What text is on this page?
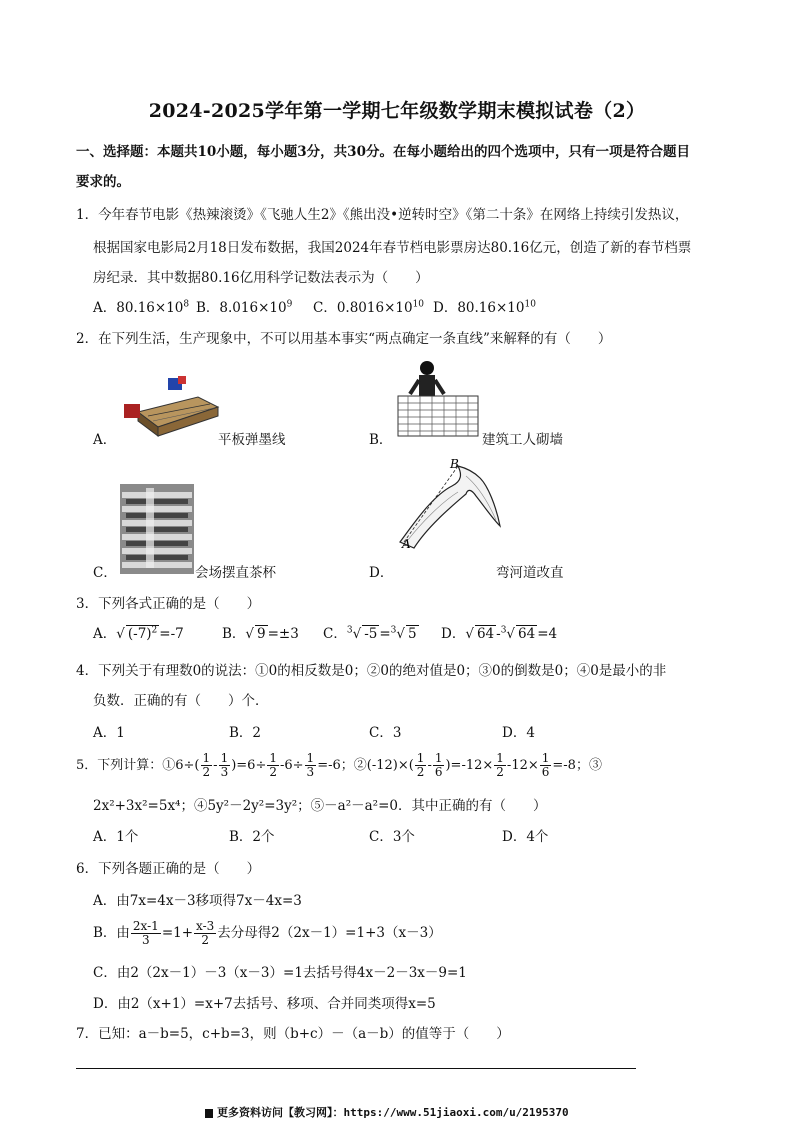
2024-2025学年第一学期七年级数学期末模拟试卷（2）
一、选择题：本题共10小题，每小题3分，共30分。在每小题给出的四个选项中，只有一项是符合题目
要求的。
1．今年春节电影《热辣滚烫》《飞驰人生2》《熊出没•逆转时空》《第二十条》在网络上持续引发热议，
根据国家电影局2月18日发布数据，我国2024年春节档电影票房达80.16亿元，创造了新的春节档票
房纪录．其中数据80.16亿用科学记数法表示为（　　）
A．$80.16\times 10^8$ B．$8.016\times 10^9$ C．$0.8016\times 10^{10}$ D．$80.16\times 10^{10}$
2．在下列生活，生产现象中，不可以用基本事实“两点确定一条直线”来解释的有（　　）
A．	平板弹墨线	B．	建筑工人砌墙
C．	会场摆直茶杯	D．
B
A
弯河道改直
3．下列各式正确的是（　　）
A．√ $(-7)^2 =-7$	B．√ 9 =±3 C．$^3$√ -5 =$^3$√ 5 D．√ 64 -$^3$√ 64 =4
4．下列关于有理数0的说法：①0的相反数是0；②0的绝对值是0；③0的倒数是0；④0是最小的非
负数．正确的有（　　）个．
A．1	B．2	C．3	D．4
5．下列计算：①6÷( $\frac{1}{2} - \frac{1}{3} )=6\div \frac{1}{2} -6\div \frac{1}{3} =-6$；②(-12)×( $\frac{1}{2} - \frac{1}{6} )=-12\times \frac{1}{2} -12\times \frac{1}{6} =-8$；③
2x²+3x²=5x⁴；④5y²－2y²=3y²；⑤－a²－a²=0．其中正确的有（　　）
A．1个	B．2个	C．3个	D．4个
6．下列各题正确的是（　　）
A．由7x=4x－3移项得7x－4x=3
B．由 $\frac{2x-1}{3} =1+ \frac{x-3}{2}$ 去分母得2（2x－1）=1+3（x－3）
C．由2（2x－1）－3（x－3）=1去括号得4x－2－3x－9=1
D．由2（x+1）=x+7去括号、移项、合并同类项得x=5
7．已知：a－b=5，c+b=3，则（b+c）－（a－b）的值等于（　　）
更多资料访问【教习网】：https://www.51jiaoxi.com/u/2195370
